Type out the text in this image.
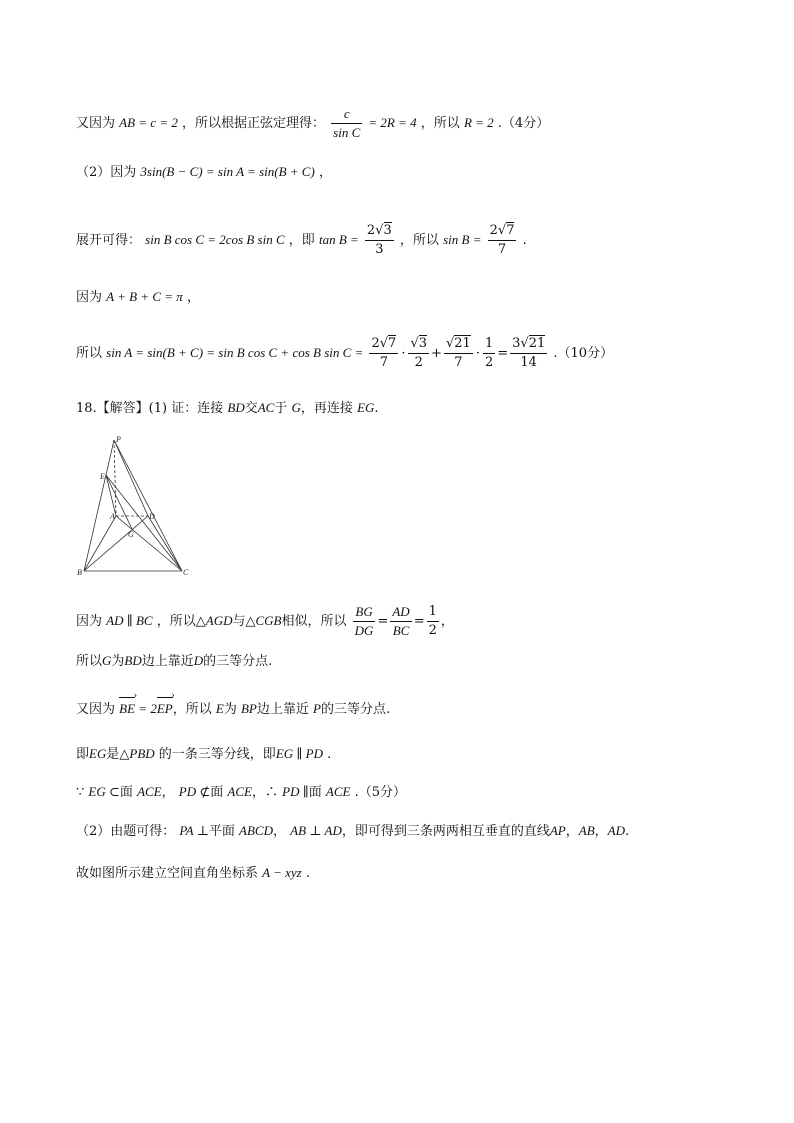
又因为 AB = c = 2 ，所以根据正弦定理得： $\frac{c}{\text{sin C}} = 2R = 4$ ，所以 R = 2 .（4分）
（2）因为 3sin(B − C) = sin A = sin(B + C) ，
展开可得： sin B cos C = 2cos B sin C ，即 $\tan B = \frac{2√3}{3}$ ，所以 $\sin B = \frac{2√7}{7}$ .
因为 A + B + C = π ，
所以 sin A = sin(B + C) = sin B cos C + cos B $\sin C = \frac{2√7}{7} \cdot \frac{√3}{2} + \frac{√21}{7} \cdot \frac{1}{2} = \frac{3√21}{14} .(10$分）
18.【解答】(1) 证：连接 BD交AC于 G，再连接 EG.
P
E
A	D
G
B	C
因为 AD ∥ BC ，所以△AGD与△CGB相似，所以 $\frac{BG}{DG} = \frac{AD}{BC} = \frac{1}{2}$ ，
所以G为BD边上靠近D的三等分点.
又因为 BE › = 2EP ›，所以 E为 BP边上靠近 P的三等分点.
即EG是△PBD 的一条三等分线，即EG ∥ PD .
∵ EG ⊂面 ACE， PD ⊄面 ACE，∴ PD ∥面 ACE .（5分）
（2）由题可得： PA ⊥平面 ABCD， AB ⊥ AD，即可得到三条两两相互垂直的直线AP，AB，AD.
故如图所示建立空间直角坐标系 A − xyz .
